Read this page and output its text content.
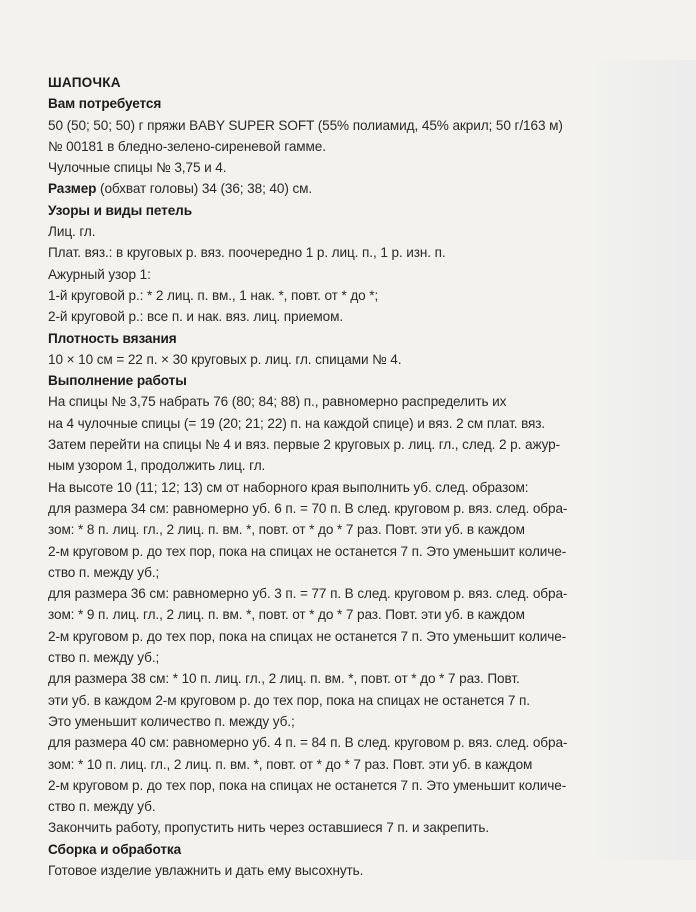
ШАПОЧКА
Вам потребуется
50 (50; 50; 50) г пряжи BABY SUPER SOFT (55% полиамид, 45% акрил; 50 г/163 м)
№ 00181 в бледно-зелено-сиреневой гамме.
Чулочные спицы № 3,75 и 4.
Размер (обхват головы) 34 (36; 38; 40) см.
Узоры и виды петель
Лиц. гл.
Плат. вяз.: в круговых р. вяз. поочередно 1 р. лиц. п., 1 р. изн. п.
Ажурный узор 1:
1-й круговой р.: * 2 лиц. п. вм., 1 нак. *, повт. от * до *;
2-й круговой р.: все п. и нак. вяз. лиц. приемом.
Плотность вязания
10 × 10 см = 22 п. × 30 круговых р. лиц. гл. спицами № 4.
Выполнение работы
На спицы № 3,75 набрать 76 (80; 84; 88) п., равномерно распределить их
на 4 чулочные спицы (= 19 (20; 21; 22) п. на каждой спице) и вяз. 2 см плат. вяз.
Затем перейти на спицы № 4 и вяз. первые 2 круговых р. лиц. гл., след. 2 р. ажур-
ным узором 1, продолжить лиц. гл.
На высоте 10 (11; 12; 13) см от наборного края выполнить уб. след. образом:
для размера 34 см: равномерно уб. 6 п. = 70 п. В след. круговом р. вяз. след. обра-
зом: * 8 п. лиц. гл., 2 лиц. п. вм. *, повт. от * до * 7 раз. Повт. эти уб. в каждом
2-м круговом р. до тех пор, пока на спицах не останется 7 п. Это уменьшит количе-
ство п. между уб.;
для размера 36 см: равномерно уб. 3 п. = 77 п. В след. круговом р. вяз. след. обра-
зом: * 9 п. лиц. гл., 2 лиц. п. вм. *, повт. от * до * 7 раз. Повт. эти уб. в каждом
2-м круговом р. до тех пор, пока на спицах не останется 7 п. Это уменьшит количе-
ство п. между уб.;
для размера 38 см: * 10 п. лиц. гл., 2 лиц. п. вм. *, повт. от * до * 7 раз. Повт.
эти уб. в каждом 2-м круговом р. до тех пор, пока на спицах не останется 7 п.
Это уменьшит количество п. между уб.;
для размера 40 см: равномерно уб. 4 п. = 84 п. В след. круговом р. вяз. след. обра-
зом: * 10 п. лиц. гл., 2 лиц. п. вм. *, повт. от * до * 7 раз. Повт. эти уб. в каждом
2-м круговом р. до тех пор, пока на спицах не останется 7 п. Это уменьшит количе-
ство п. между уб.
Закончить работу, пропустить нить через оставшиеся 7 п. и закрепить.
Сборка и обработка
Готовое изделие увлажнить и дать ему высохнуть.
